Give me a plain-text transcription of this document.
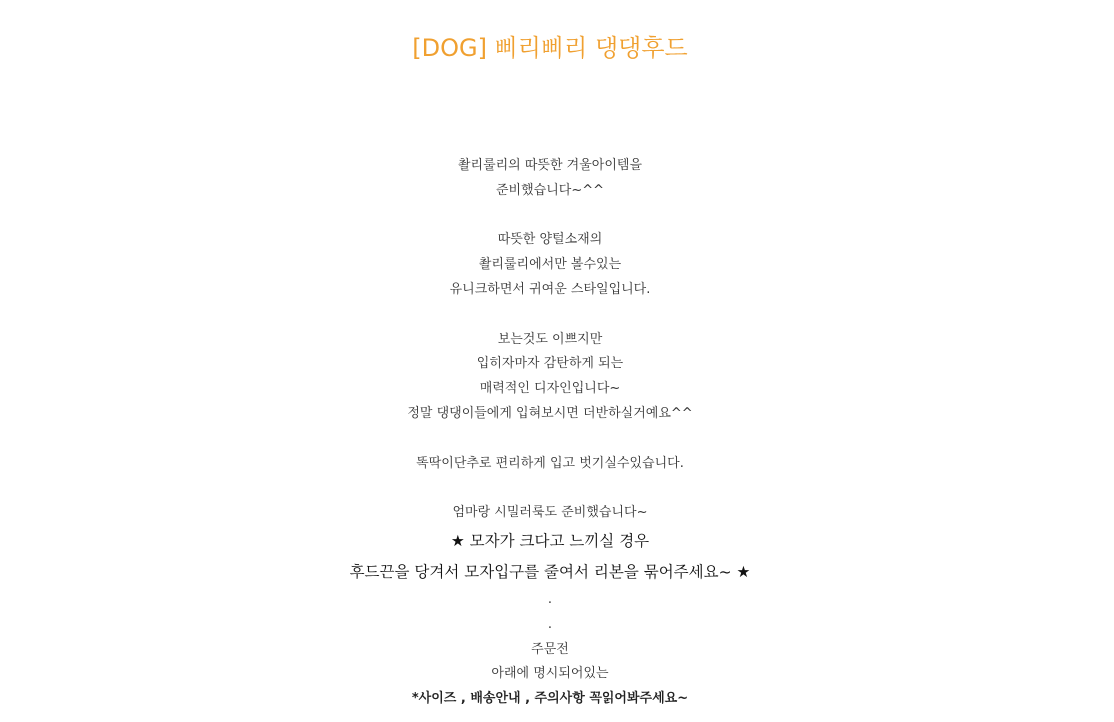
[DOG] 삐리삐리 댕댕후드
촬리룰리의 따뜻한 겨울아이템을
준비했습니다~^^
따뜻한 양털소재의
촬리룰리에서만 볼수있는
유니크하면서 귀여운 스타일입니다.
보는것도 이쁘지만
입히자마자 감탄하게 되는
매력적인 디자인입니다~
정말 댕댕이들에게 입혀보시면 더반하실거예요^^
똑딱이단추로 편리하게 입고 벗기실수있습니다.
엄마랑 시밀러룩도 준비했습니다~
★ 모자가 크다고 느끼실 경우
후드끈을 당겨서 모자입구를 줄여서 리본을 묶어주세요~ ★
.
.
주문전
아래에 명시되어있는
*사이즈 , 배송안내 , 주의사항 꼭읽어봐주세요~
